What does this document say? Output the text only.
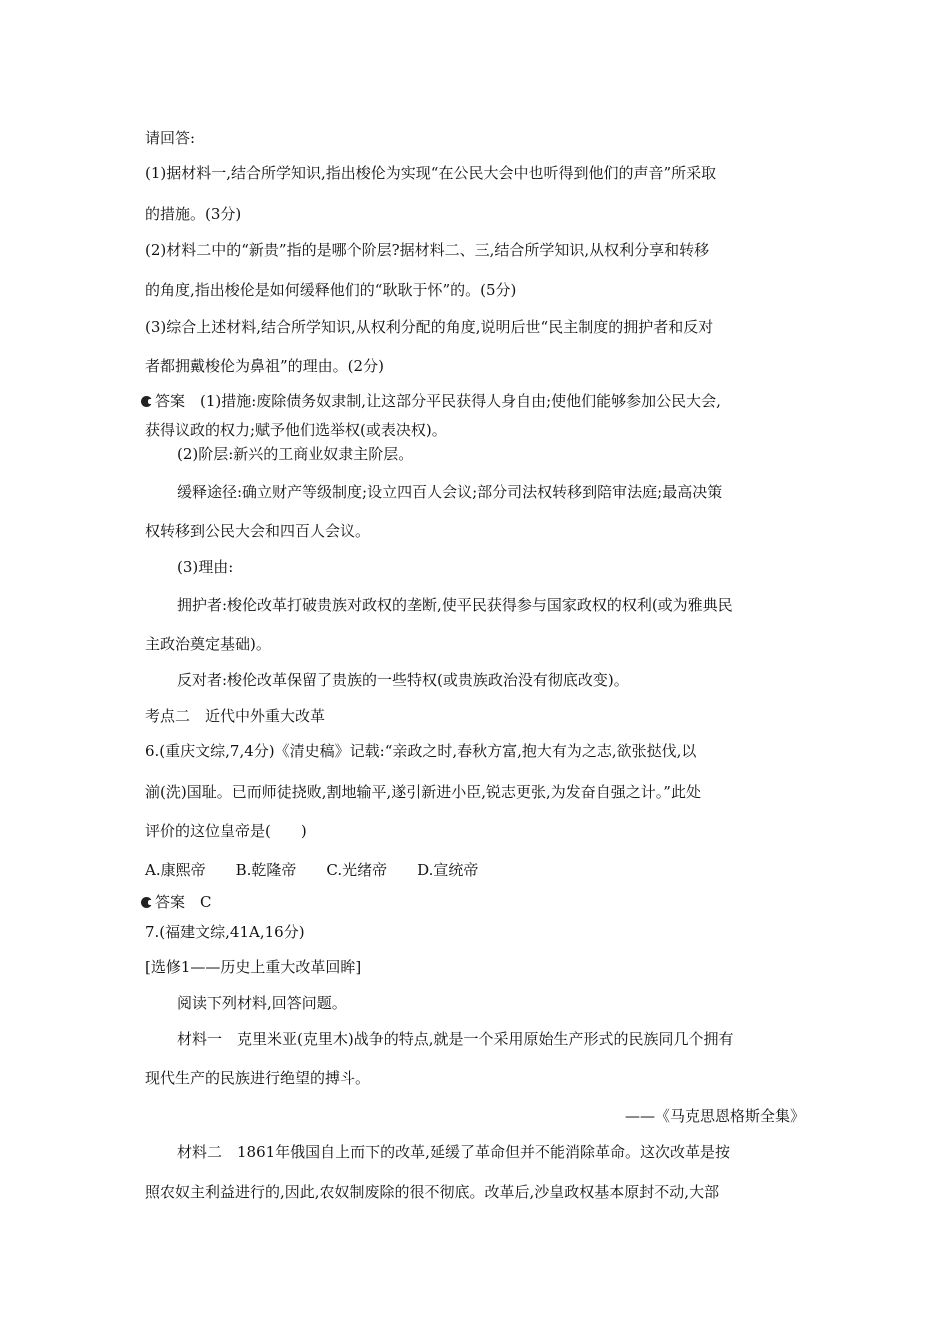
请回答:
(1)据材料一,结合所学知识,指出梭伦为实现“在公民大会中也听得到他们的声音”所采取
的措施。(3分)
(2)材料二中的“新贵”指的是哪个阶层?据材料二、三,结合所学知识,从权利分享和转移
的角度,指出梭伦是如何缓释他们的“耿耿于怀”的。(5分)
(3)综合上述材料,结合所学知识,从权利分配的角度,说明后世“民主制度的拥护者和反对
者都拥戴梭伦为鼻祖”的理由。(2分)
答案　(1)措施:废除债务奴隶制,让这部分平民获得人身自由;使他们能够参加公民大会,
获得议政的权力;赋予他们选举权(或表决权)。
(2)阶层:新兴的工商业奴隶主阶层。
缓释途径:确立财产等级制度;设立四百人会议;部分司法权转移到陪审法庭;最高决策
权转移到公民大会和四百人会议。
(3)理由:
拥护者:梭伦改革打破贵族对政权的垄断,使平民获得参与国家政权的权利(或为雅典民
主政治奠定基础)。
反对者:梭伦改革保留了贵族的一些特权(或贵族政治没有彻底改变)。
考点二　近代中外重大改革
6.(重庆文综,7,4分)《清史稿》记载:“亲政之时,春秋方富,抱大有为之志,欲张挞伐,以
湔(洗)国耻。已而师徒挠败,割地输平,遂引新进小臣,锐志更张,为发奋自强之计。”此处
评价的这位皇帝是(　　)
A.康熙帝　　B.乾隆帝　　C.光绪帝　　D.宣统帝
答案　C
7.(福建文综,41A,16分)
[选修1——历史上重大改革回眸]
阅读下列材料,回答问题。
材料一　克里米亚(克里木)战争的特点,就是一个采用原始生产形式的民族同几个拥有
现代生产的民族进行绝望的搏斗。
——《马克思恩格斯全集》
材料二　1861年俄国自上而下的改革,延缓了革命但并不能消除革命。这次改革是按
照农奴主利益进行的,因此,农奴制废除的很不彻底。改革后,沙皇政权基本原封不动,大部
